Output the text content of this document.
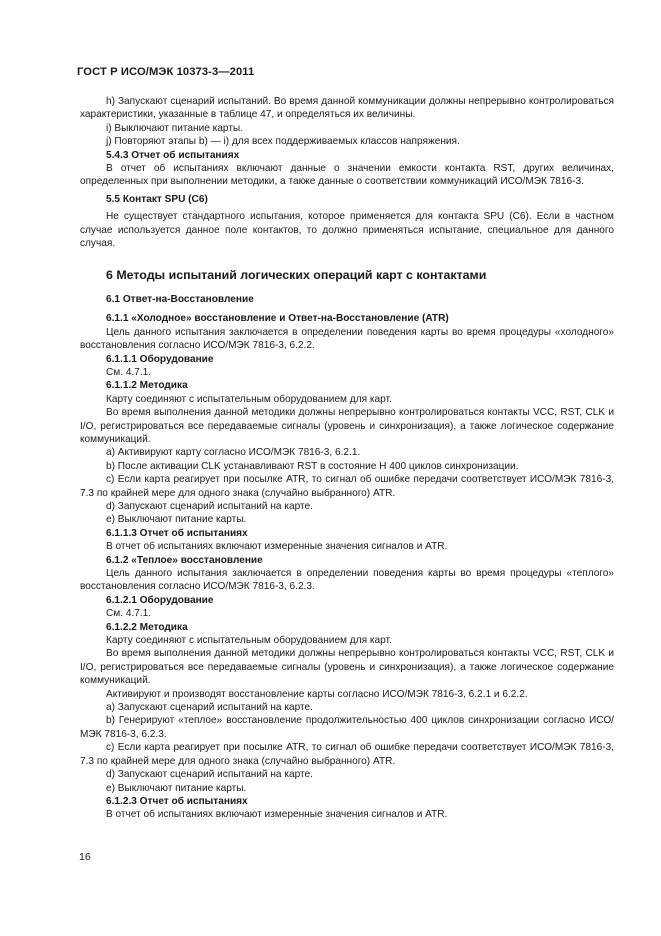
ГОСТ Р ИСО/МЭК 10373-3—2011

h) Запускают сценарий испытаний. Во время данной коммуникации должны непрерывно контролироваться характеристики, указанные в таблице 47, и определяться их величины.

i) Выключают питание карты.

j) Повторяют этапы b) — i) для всех поддерживаемых классов напряжения.

5.4.3 Отчет об испытаниях

В отчет об испытаниях включают данные о значении емкости контакта RST, других величинах, определенных при выполнении методики, а также данные о соответствии коммуникаций ИСО/МЭК 7816-3.

5.5 Контакт SPU (C6)

Не существует стандартного испытания, которое применяется для контакта SPU (C6). Если в частном случае используется данное поле контактов, то должно применяться испытание, специальное для данного случая.

6 Методы испытаний логических операций карт с контактами

6.1 Ответ-на-Восстановление

6.1.1 «Холодное» восстановление и Ответ-на-Восстановление (ATR)

Цель данного испытания заключается в определении поведения карты во время процедуры «холодного» восстановления согласно ИСО/МЭК 7816-3, 6.2.2.

6.1.1.1 Оборудование

См. 4.7.1.

6.1.1.2 Методика

Карту соединяют с испытательным оборудованием для карт.

Во время выполнения данной методики должны непрерывно контролироваться контакты VCC, RST, CLK и I/O, регистрироваться все передаваемые сигналы (уровень и синхронизация), а также логическое содержание коммуникаций.

a) Активируют карту согласно ИСО/МЭК 7816-3, 6.2.1.

b) После активации CLK устанавливают RST в состояние H 400 циклов синхронизации.

c) Если карта реагирует при посылке ATR, то сигнал об ошибке передачи соответствует ИСО/МЭК 7816-3, 7.3 по крайней мере для одного знака (случайно выбранного) ATR.

d) Запускают сценарий испытаний на карте.

e) Выключают питание карты.

6.1.1.3 Отчет об испытаниях

В отчет об испытаниях включают измеренные значения сигналов и ATR.

6.1.2 «Теплое» восстановление

Цель данного испытания заключается в определении поведения карты во время процедуры «теплого» восстановления согласно ИСО/МЭК 7816-3, 6.2.3.

6.1.2.1 Оборудование

См. 4.7.1.

6.1.2.2 Методика

Карту соединяют с испытательным оборудованием для карт.

Во время выполнения данной методики должны непрерывно контролироваться контакты VCC, RST, CLK и I/O, регистрироваться все передаваемые сигналы (уровень и синхронизация), а также логическое содержание коммуникаций.

Активируют и производят восстановление карты согласно ИСО/МЭК 7816-3, 6.2.1 и 6.2.2.

a) Запускают сценарий испытаний на карте.

b) Генерируют «теплое» восстановление продолжительностью 400 циклов синхронизации согласно ИСО/МЭК 7816-3, 6.2.3.

c) Если карта реагирует при посылке ATR, то сигнал об ошибке передачи соответствует ИСО/МЭК 7816-3, 7.3 по крайней мере для одного знака (случайно выбранного) ATR.

d) Запускают сценарий испытаний на карте.

e) Выключают питание карты.

6.1.2.3 Отчет об испытаниях

В отчет об испытаниях включают измеренные значения сигналов и ATR.

16
